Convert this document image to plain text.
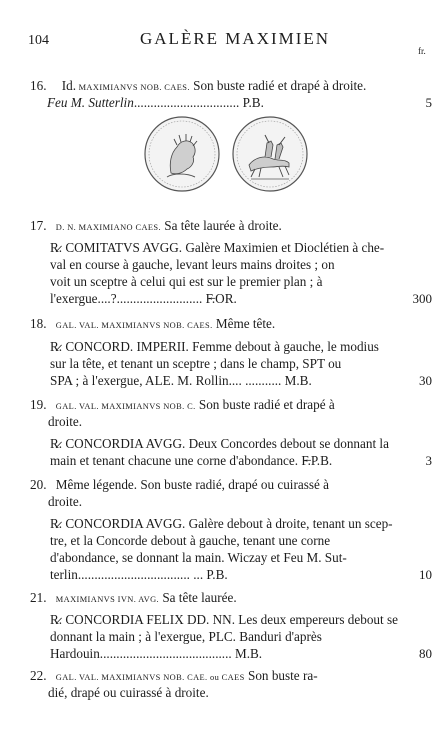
104	GALÈRE MAXIMIEN
fr.
16. Id. MAXIMIANVS NOB. CAES. Son buste radié et drapé à droite.
Feu M. Sutterlin................................ P.B.	5
17. D. N. MAXIMIANO CAES. Sa tête laurée à droite.
R̷. COMITATVS AVGG. Galère Maximien et Dioclétien à che-
val en course à gauche, levant leurs mains droites ; on
voit un sceptre à celui qui est sur le premier plan ; à
l'exergue....?.......................... F̶.OR.	300
18. GAL. VAL. MAXIMIANVS NOB. CAES. Même tête.
R̷. CONCORD. IMPERII. Femme debout à gauche, le modius
sur la tête, et tenant un sceptre ; dans le champ, SPT ou
SPA ; à l'exergue, ALE. M. Rollin.... ........... M.B.	30
19. GAL. VAL. MAXIMIANVS NOB. C. Son buste radié et drapé à
droite.
R̷. CONCORDIA AVGG. Deux Concordes debout se donnant la
main et tenant chacune une corne d'abondance. F̶.P.B.	3
20. Même légende. Son buste radié, drapé ou cuirassé à
droite.
R̷. CONCORDIA AVGG. Galère debout à droite, tenant un scep-
tre, et la Concorde debout à gauche, tenant une corne
d'abondance, se donnant la main. Wiczay et Feu M. Sut-
terlin.................................. ... P.B.	10
21. MAXIMIANVS IVN. AVG. Sa tête laurée.
R̷. CONCORDIA FELIX DD. NN. Les deux empereurs debout se
donnant la main ; à l'exergue, PLC. Banduri d'après
Hardouin........................................ M.B.	80
22. GAL. VAL. MAXIMIANVS NOB. CAE. ou CAES Son buste ra-
dié, drapé ou cuirassé à droite.
